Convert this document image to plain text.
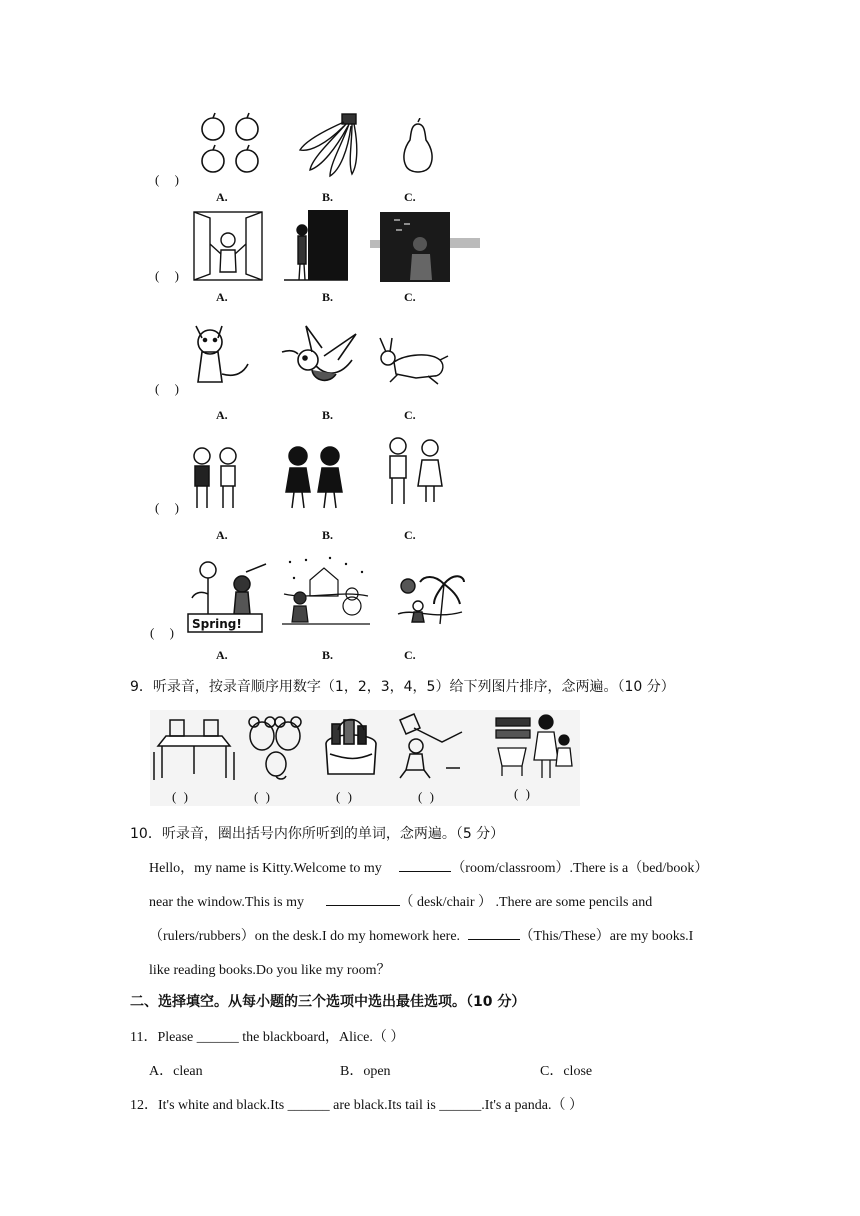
( )
A.	B.	C.
( )
A.	B.	C.
( )
A.	B.	C.
( )
A.	B.	C.
( )
Spring!
A.	B.	C.
9．听录音，按录音顺序用数字（1，2，3，4，5）给下列图片排序，念两遍。（10 分）
( )	( )	( )	( )	( )
10．听录音，圈出括号内你所听到的单词，念两遍。（5 分）
Hello，my name is Kitty.Welcome to my	（room/classroom）.There is a（bed/book）
near the window.This is my	（ desk/chair ） .There are some pencils and
（rulers/rubbers）on the desk.I do my homework here.	（This/These）are my books.I
like reading books.Do you like my room？
二、选择填空。从每小题的三个选项中选出最佳选项。（10 分）
11．Please ______ the blackboard，Alice.（ ）
A．clean	B．open	C．close
12．It's white and black.Its ______ are black.Its tail is ______.It's a panda.（ ）
